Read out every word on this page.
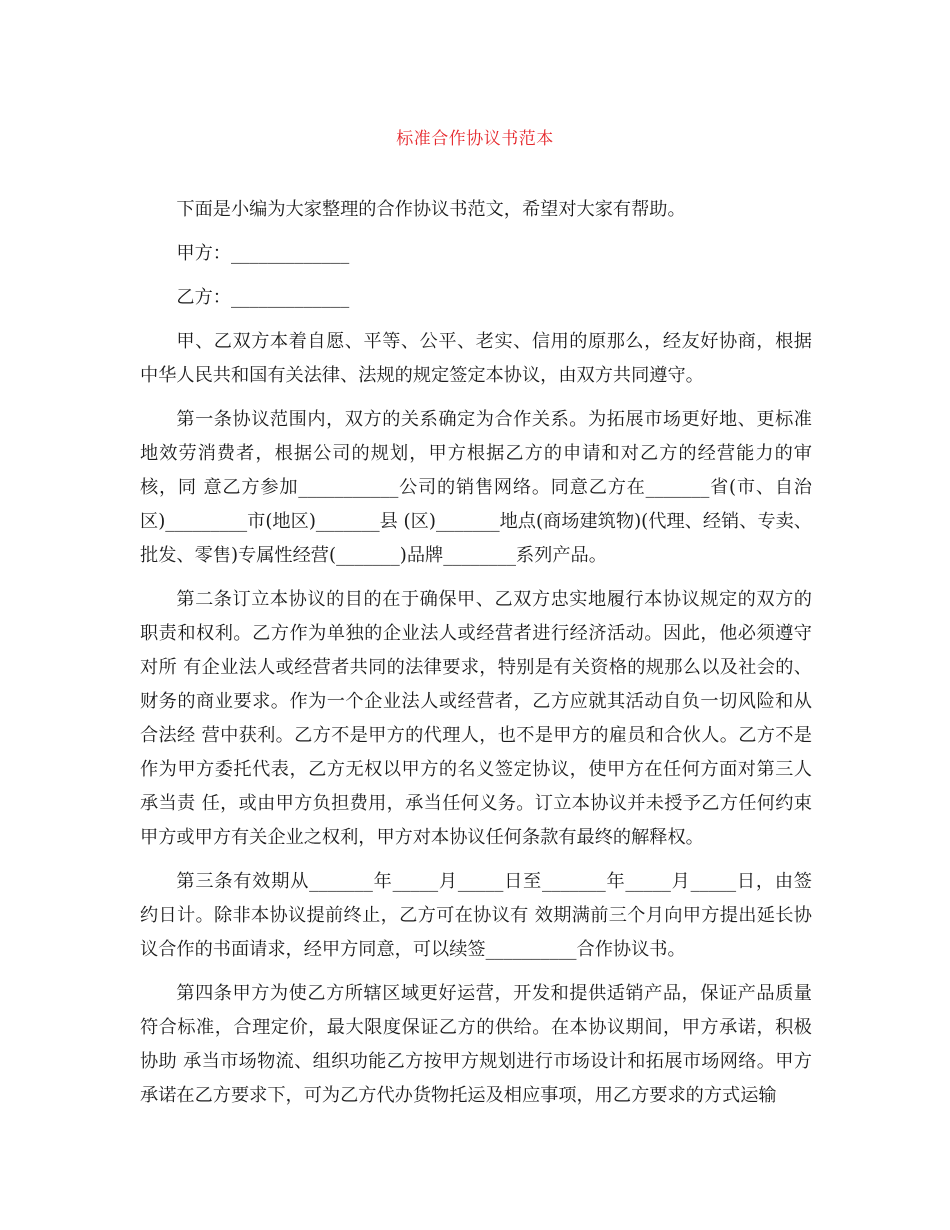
标准合作协议书范本

下面是小编为大家整理的合作协议书范文，希望对大家有帮助。

甲方：_____________

乙方：_____________

甲、乙双方本着自愿、平等、公平、老实、信用的原那么，经友好协商，根据中华人民共和国有关法律、法规的规定签定本协议，由双方共同遵守。

第一条协议范围内，双方的关系确定为合作关系。为拓展市场更好地、更标准地效劳消费者，根据公司的规划，甲方根据乙方的申请和对乙方的经营能力的审核，同 意乙方参加___________公司的销售网络。同意乙方在_______省(市、自治区)_________市(地区)_______县 (区)_______地点(商场建筑物)(代理、经销、专卖、批发、零售)专属性经营(_______)品牌________系列产品。

第二条订立本协议的目的在于确保甲、乙双方忠实地履行本协议规定的双方的职责和权利。乙方作为单独的企业法人或经营者进行经济活动。因此，他必须遵守对所 有企业法人或经营者共同的法律要求，特别是有关资格的规那么以及社会的、财务的商业要求。作为一个企业法人或经营者，乙方应就其活动自负一切风险和从合法经 营中获利。乙方不是甲方的代理人，也不是甲方的雇员和合伙人。乙方不是作为甲方委托代表，乙方无权以甲方的名义签定协议，使甲方在任何方面对第三人承当责 任，或由甲方负担费用，承当任何义务。订立本协议并未授予乙方任何约束甲方或甲方有关企业之权利，甲方对本协议任何条款有最终的解释权。

第三条有效期从_______年_____月_____日至_______年_____月_____日，由签约日计。除非本协议提前终止，乙方可在协议有 效期满前三个月向甲方提出延长协议合作的书面请求，经甲方同意，可以续签__________合作协议书。

第四条甲方为使乙方所辖区域更好运营，开发和提供适销产品，保证产品质量符合标准，合理定价，最大限度保证乙方的供给。在本协议期间，甲方承诺，积极协助 承当市场物流、组织功能乙方按甲方规划进行市场设计和拓展市场网络。甲方承诺在乙方要求下，可为乙方代办货物托运及相应事项，用乙方要求的方式运输
